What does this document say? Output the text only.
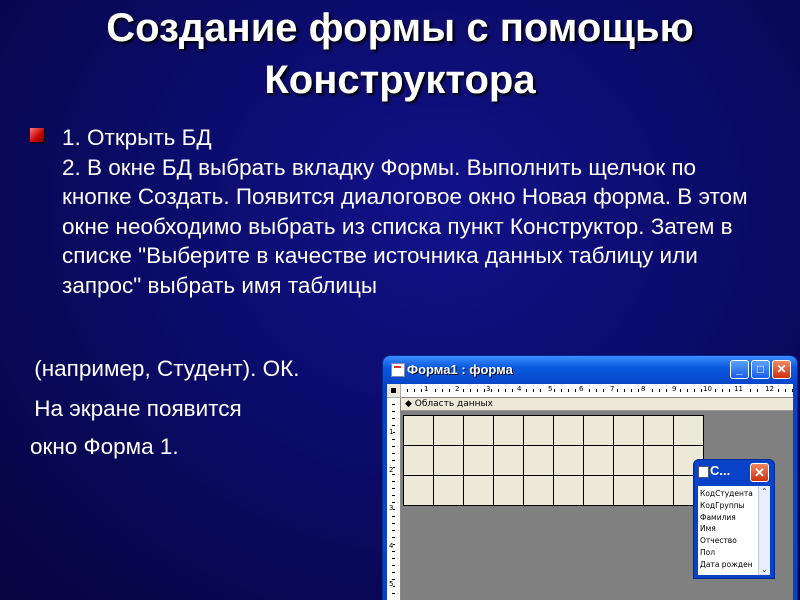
Создание формы с помощью
Конструктора
1. Открыть БД
2. В окне БД выбрать вкладку Формы. Выполнить щелчок по кнопке Создать. Появится диалоговое окно Новая форма. В этом окне необходимо выбрать из списка пункт Конструктор. Затем в списке "Выберите в качестве источника данных таблицу или запрос" выбрать имя таблицы
(например, Студент). ОК.
На экране появится
окно Форма 1.
Форма1 : форма	_	□	✕
1	2	3	4	5	6	7	8	9	10	11	12
1
2
3
4
5
◆ Область данных
С...	✕
КодСтудента
КодГруппы
Фамилия
Имя
Отчество
Пол
Дата рожден
⌃
⌄
